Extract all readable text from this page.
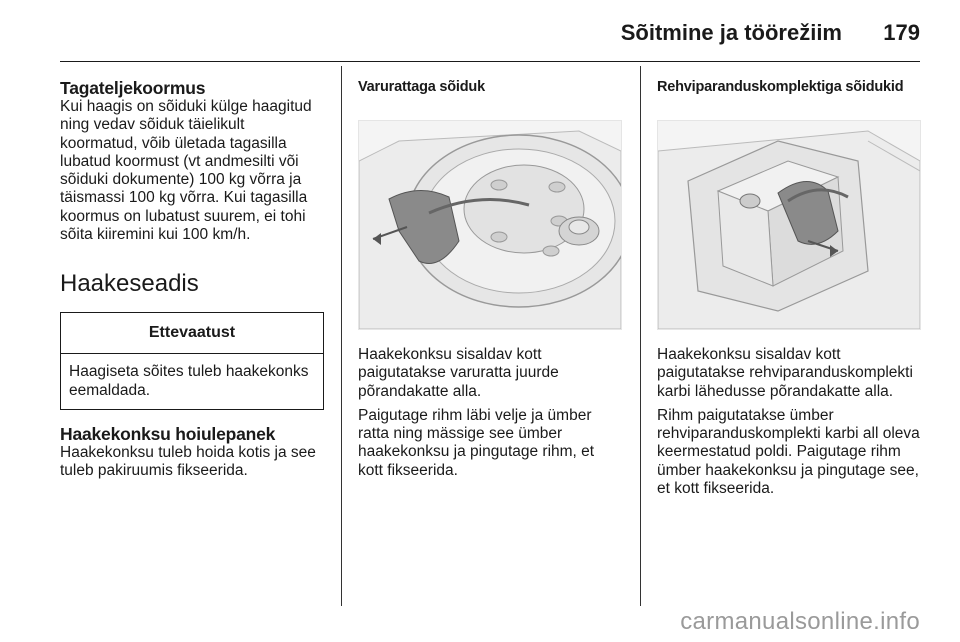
Sõitmine ja töörežiim 179
Tagateljekoormus

Kui haagis on sõiduki külge haagitud ning vedav sõiduk täielikult koormatud, võib ületada tagasilla lubatud koormust (vt andmesilti või sõiduki dokumente) 100 kg võrra ja täismassi 100 kg võrra. Kui tagasilla koormus on lubatust suurem, ei tohi sõita kiiremini kui 100 km/h.

Haakeseadis
Ettevaatust
Haagiseta sõites tuleb haakekonks eemaldada.
Haakekonksu hoiulepanek

Haakekonksu tuleb hoida kotis ja see tuleb pakiruumis fikseerida.

Varurattaga sõiduk

Haakekonksu sisaldav kott paigutatakse varuratta juurde põrandakatte alla.

Paigutage rihm läbi velje ja ümber ratta ning mässige see ümber haakekonksu ja pingutage rihm, et kott fikseerida.

Rehviparanduskomplektiga sõidukid

Haakekonksu sisaldav kott paigutatakse rehviparanduskomplekti karbi lähedusse põrandakatte alla.

Rihm paigutatakse ümber rehviparanduskomplekti karbi all oleva keermestatud poldi. Paigutage rihm ümber haakekonksu ja pingutage see, et kott fikseerida.

carmanualsonline.info
